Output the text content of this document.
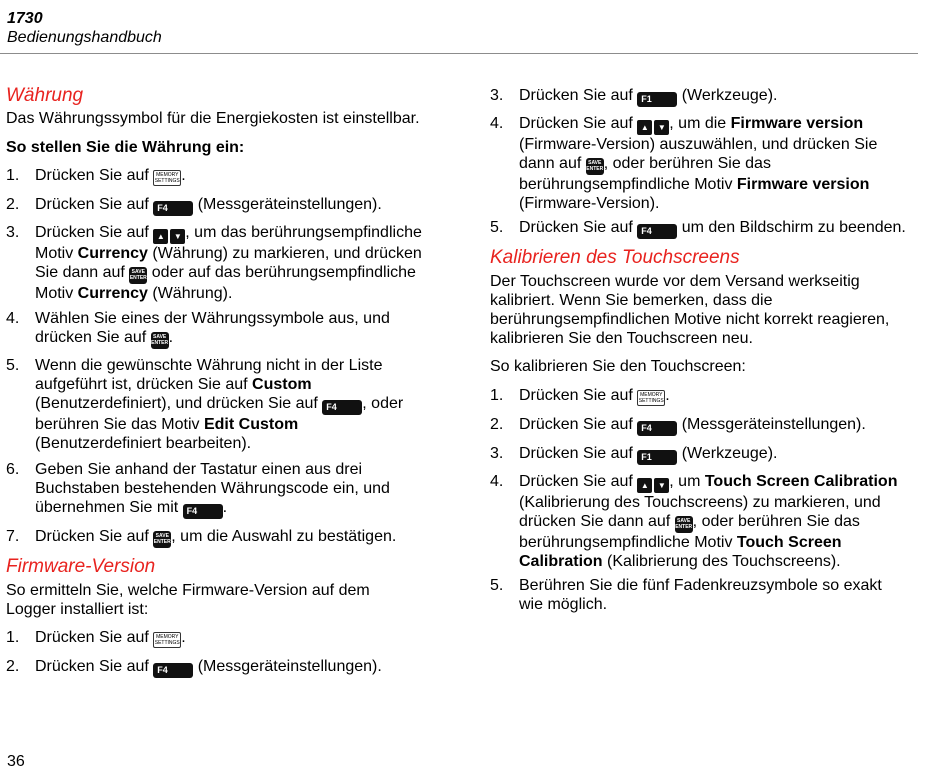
1730
Bedienungshandbuch
Währung
Das Währungssymbol für die Energiekosten ist einstellbar.
So stellen Sie die Währung ein:
1. Drücken Sie auf MEMORY
SETTINGS.
2. Drücken Sie auf F4 (Messgeräteinstellungen).
3. Drücken Sie auf ▲ ▼ , um das berührungsempfindliche
Motiv Currency (Währung) zu markieren, und drücken
Sie dann auf SAVE
ENTER oder auf das berührungsempfindliche
Motiv Currency (Währung).
4. Wählen Sie eines der Währungssymbole aus, und
drücken Sie auf SAVE
ENTER.
5. Wenn die gewünschte Währung nicht in der Liste
aufgeführt ist, drücken Sie auf Custom
(Benutzerdefiniert), und drücken Sie auf F4 , oder
berühren Sie das Motiv Edit Custom
(Benutzerdefiniert bearbeiten).
6. Geben Sie anhand der Tastatur einen aus drei
Buchstaben bestehenden Währungscode ein, und
übernehmen Sie mit F4 .
7. Drücken Sie auf SAVE
ENTER, um die Auswahl zu bestätigen.
Firmware-Version
So ermitteln Sie, welche Firmware-Version auf dem
Logger installiert ist:
1. Drücken Sie auf MEMORY
SETTINGS.
2. Drücken Sie auf F4 (Messgeräteinstellungen).
3. Drücken Sie auf F1 (Werkzeuge).
4. Drücken Sie auf ▲ ▼ , um die Firmware version
(Firmware-Version) auszuwählen, und drücken Sie
dann auf SAVE
ENTER, oder berühren Sie das
berührungsempfindliche Motiv Firmware version
(Firmware-Version).
5. Drücken Sie auf F4 um den Bildschirm zu beenden.
Kalibrieren des Touchscreens
Der Touchscreen wurde vor dem Versand werkseitig
kalibriert. Wenn Sie bemerken, dass die
berührungsempfindlichen Motive nicht korrekt reagieren,
kalibrieren Sie den Touchscreen neu.
So kalibrieren Sie den Touchscreen:
1. Drücken Sie auf MEMORY
SETTINGS.
2. Drücken Sie auf F4 (Messgeräteinstellungen).
3. Drücken Sie auf F1 (Werkzeuge).
4. Drücken Sie auf ▲ ▼ , um Touch Screen Calibration
(Kalibrierung des Touchscreens) zu markieren, und
drücken Sie dann auf SAVE
ENTER, oder berühren Sie das
berührungsempfindliche Motiv Touch Screen
Calibration (Kalibrierung des Touchscreens).
5. Berühren Sie die fünf Fadenkreuzsymbole so exakt
wie möglich.
36
